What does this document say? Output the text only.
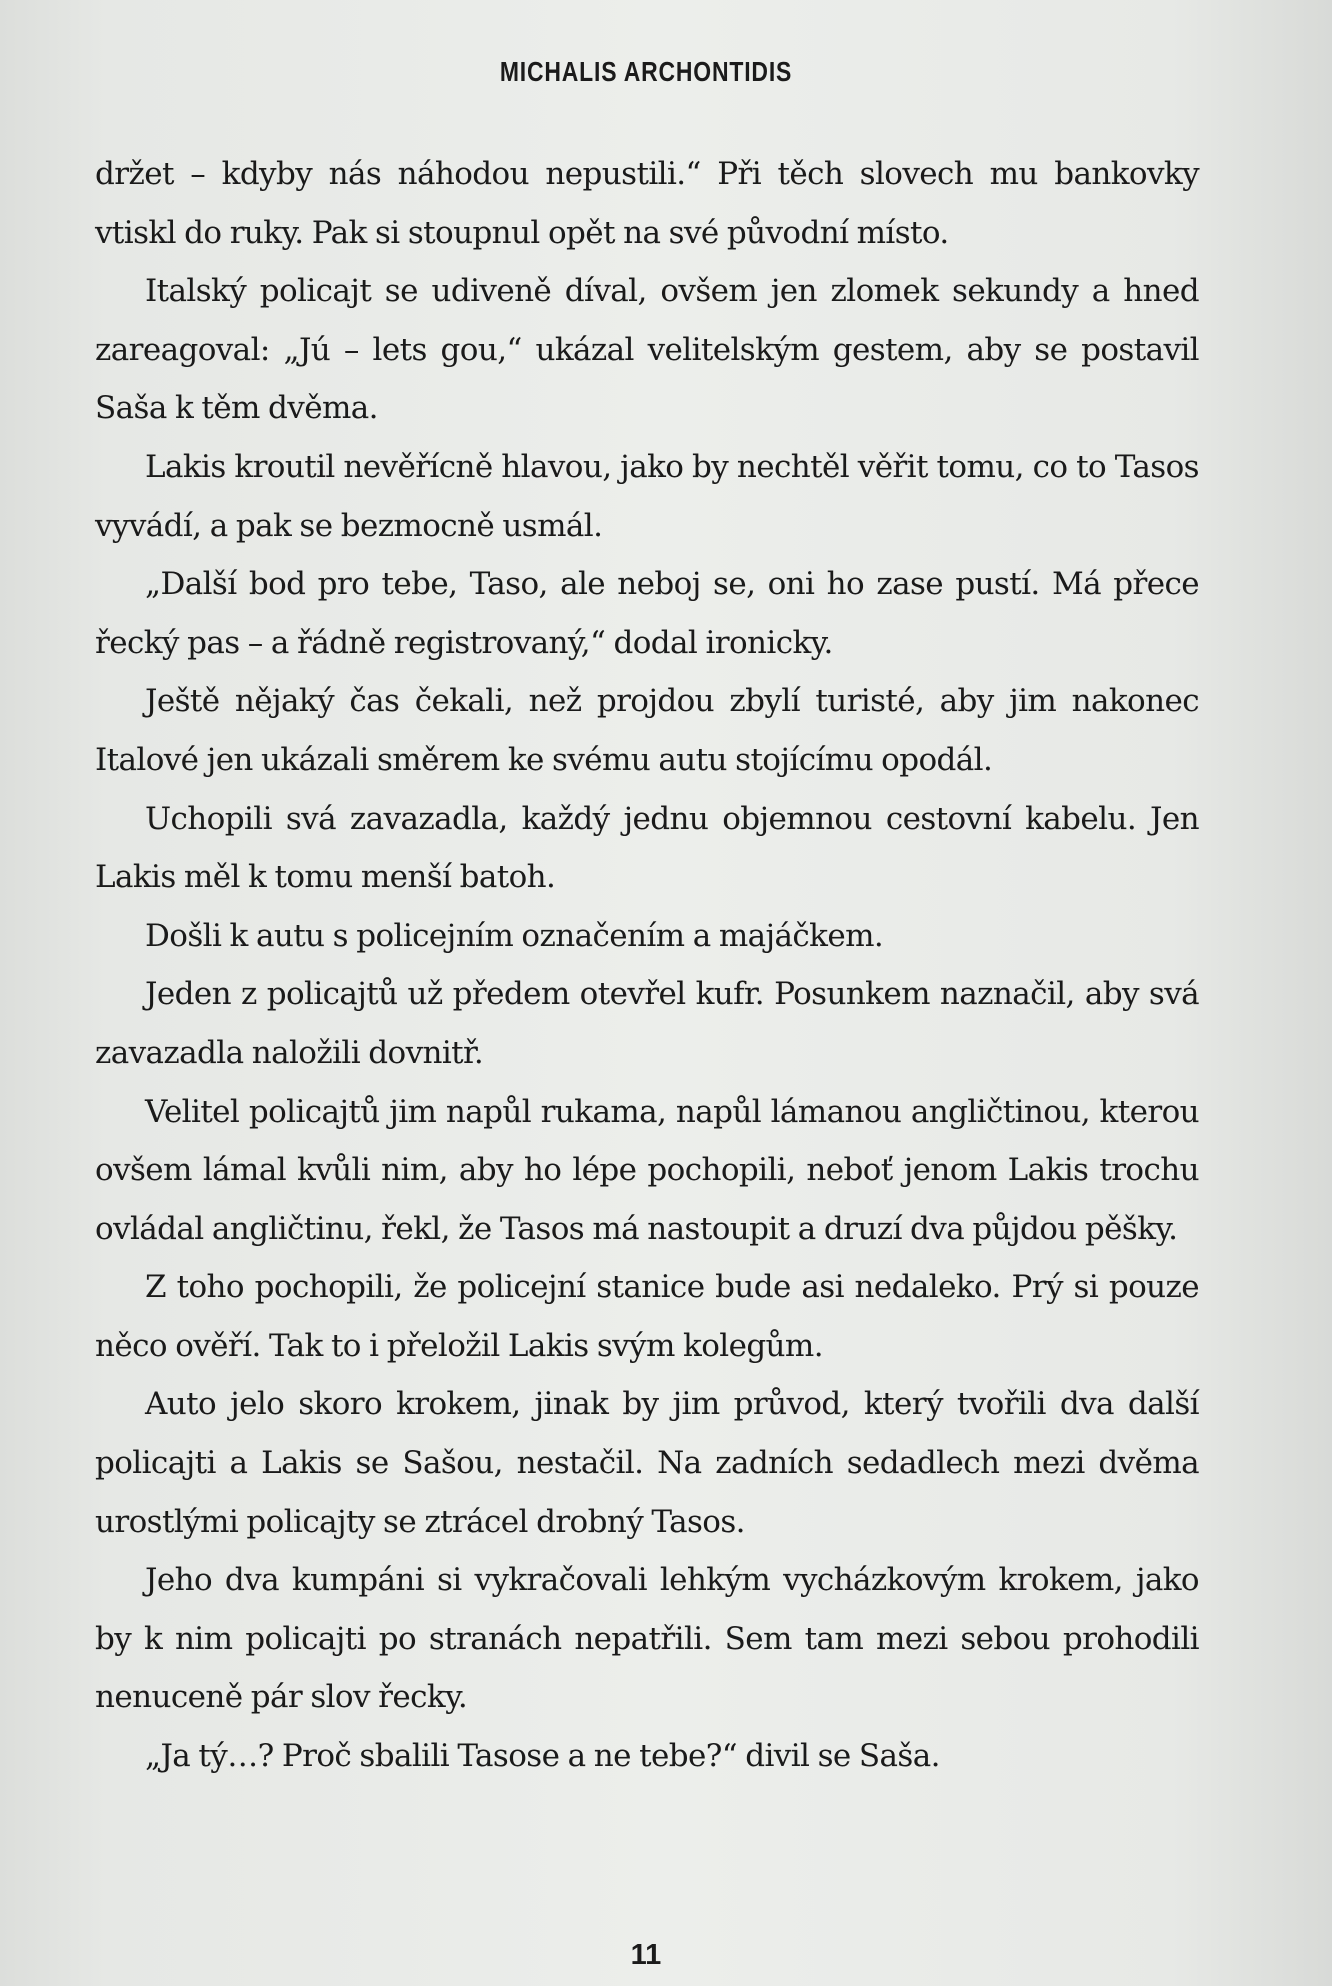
MICHALIS ARCHONTIDIS

držet – kdyby nás náhodou nepustili.“ Při těch slovech mu bankovky vtiskl do ruky. Pak si stoupnul opět na své původní místo.

Italský policajt se udiveně díval, ovšem jen zlomek sekundy a hned zareagoval: „Jú – lets gou,“ ukázal velitelským gestem, aby se postavil Saša k těm dvěma.

Lakis kroutil nevěřícně hlavou, jako by nechtěl věřit tomu, co to Tasos vyvádí, a pak se bezmocně usmál.

„Další bod pro tebe, Taso, ale neboj se, oni ho zase pustí. Má přece řecký pas – a řádně registrovaný,“ dodal ironicky.

Ještě nějaký čas čekali, než projdou zbylí turisté, aby jim nakonec Italové jen ukázali směrem ke svému autu stojícímu opodál.

Uchopili svá zavazadla, každý jednu objemnou cestovní kabelu. Jen Lakis měl k tomu menší batoh.

Došli k autu s policejním označením a majáčkem.

Jeden z policajtů už předem otevřel kufr. Posunkem naznačil, aby svá zavazadla naložili dovnitř.

Velitel policajtů jim napůl rukama, napůl lámanou angličtinou, kterou ovšem lámal kvůli nim, aby ho lépe pochopili, neboť jenom Lakis trochu ovládal angličtinu, řekl, že Tasos má nastoupit a druzí dva půjdou pěšky.

Z toho pochopili, že policejní stanice bude asi nedaleko. Prý si pouze něco ověří. Tak to i přeložil Lakis svým kolegům.

Auto jelo skoro krokem, jinak by jim průvod, který tvořili dva další policajti a Lakis se Sašou, nestačil. Na zadních sedadlech mezi dvěma urostlými policajty se ztrácel drobný Tasos.

Jeho dva kumpáni si vykračovali lehkým vycházkovým krokem, jako by k nim policajti po stranách nepatřili. Sem tam mezi sebou prohodili nenuceně pár slov řecky.

„Ja tý…? Proč sbalili Tasose a ne tebe?“ divil se Saša.

11
